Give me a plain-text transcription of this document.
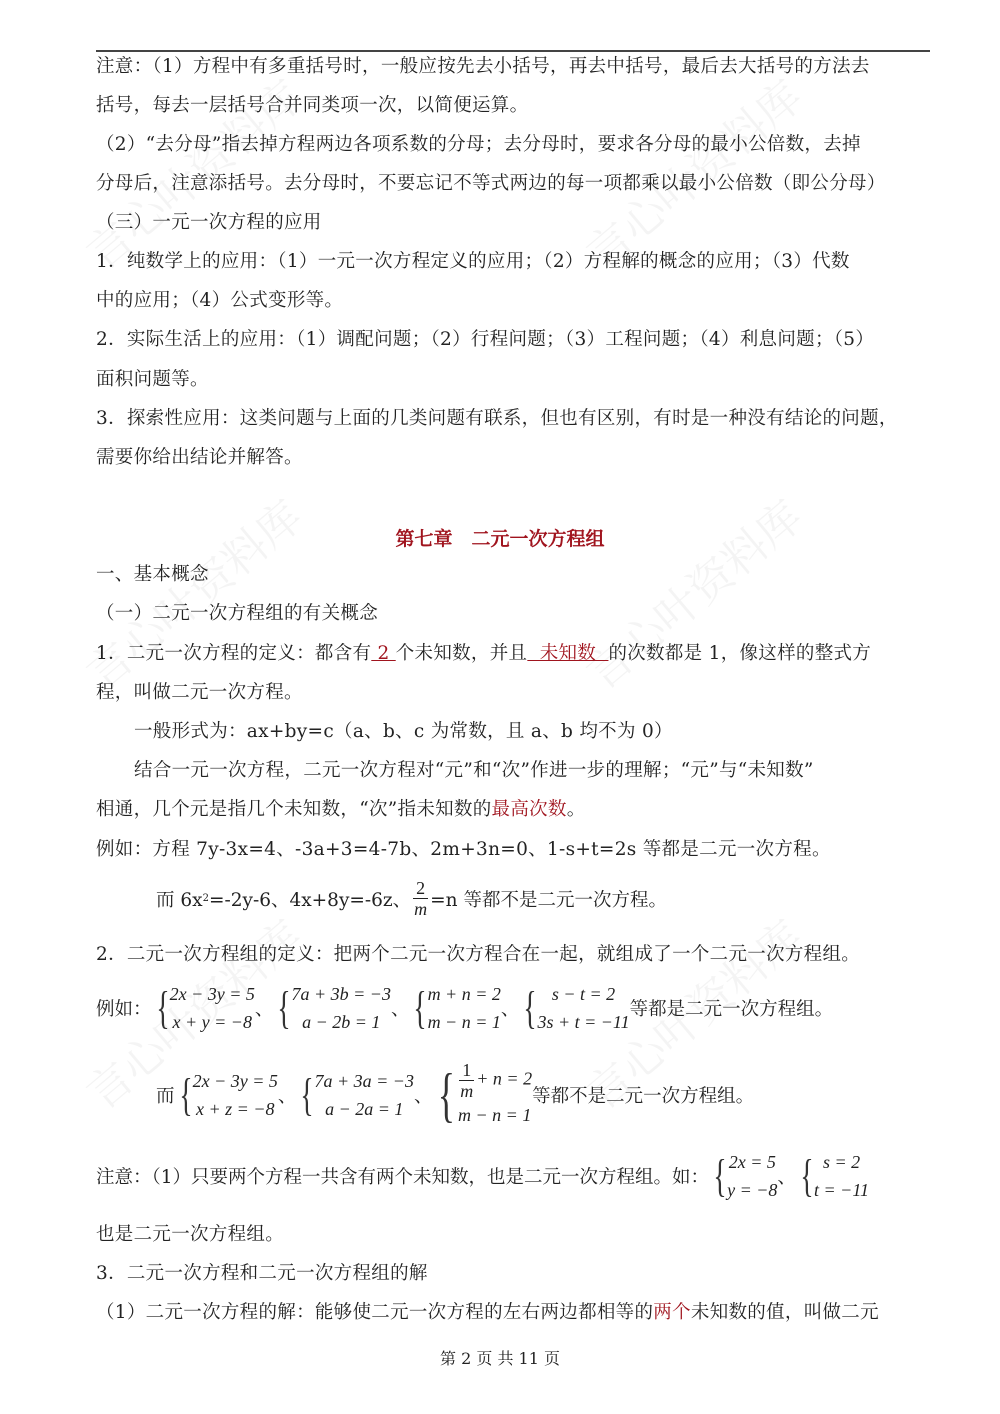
注意：（1）方程中有多重括号时，一般应按先去小括号，再去中括号，最后去大括号的方法去
括号，每去一层括号合并同类项一次，以简便运算。
（2）“去分母”指去掉方程两边各项系数的分母；去分母时，要求各分母的最小公倍数，去掉
分母后，注意添括号。去分母时，不要忘记不等式两边的每一项都乘以最小公倍数（即公分母）
（三）一元一次方程的应用
1．纯数学上的应用：（1）一元一次方程定义的应用；（2）方程解的概念的应用；（3）代数
中的应用；（4）公式变形等。
2．实际生活上的应用：（1）调配问题；（2）行程问题；（3）工程问题；（4）利息问题；（5）
面积问题等。
3．探索性应用：这类问题与上面的几类问题有联系，但也有区别，有时是一种没有结论的问题，
需要你给出结论并解答。
第七章　二元一次方程组
一、基本概念
（一）二元一次方程组的有关概念
1．二元一次方程的定义：都含有 2 个未知数，并且  未知数  的次数都是 1，像这样的整式方
程，叫做二元一次方程。
一般形式为：ax+by=c（a、b、c 为常数，且 a、b 均不为 0）
结合一元一次方程，二元一次方程对“元”和“次”作进一步的理解；“元”与“未知数”
相通，几个元是指几个未知数，“次”指未知数的最高次数。
例如：方程 7y-3x=4、-3a+3=4-7b、2m+3n=0、1-s+t=2s 等都是二元一次方程。
而 6x 2 =-2y-6、4x+8y=-6z、 $\frac{2}{m} =n$ 等都不是二元一次方程。
2．二元一次方程组的定义：把两个二元一次方程合在一起，就组成了一个二元一次方程组。
例如： { 2x − 3y = 5
x + y = −8
、 { 7a + 3b = −3
a − 2b = 1
、 { m + n = 2
m − n = 1
、 { s − t = 2
3s + t = −11
等都是二元一次方程组。
而 { 2x − 3y = 5
x + z = −8
、 { 7a + 3a = −3
a − 2a = 1
、 { $\frac{1}{m} + n = 2$
m − n = 1
等都不是二元一次方程组。
注意：（1）只要两个方程一共含有两个未知数，也是二元一次方程组。如： { 2x = 5
y = −8
、 { s = 2
t = −11
也是二元一次方程组。
3．二元一次方程和二元一次方程组的解
（1）二元一次方程的解：能够使二元一次方程的左右两边都相等的两个未知数的值，叫做二元
第 2 页 共 11 页
